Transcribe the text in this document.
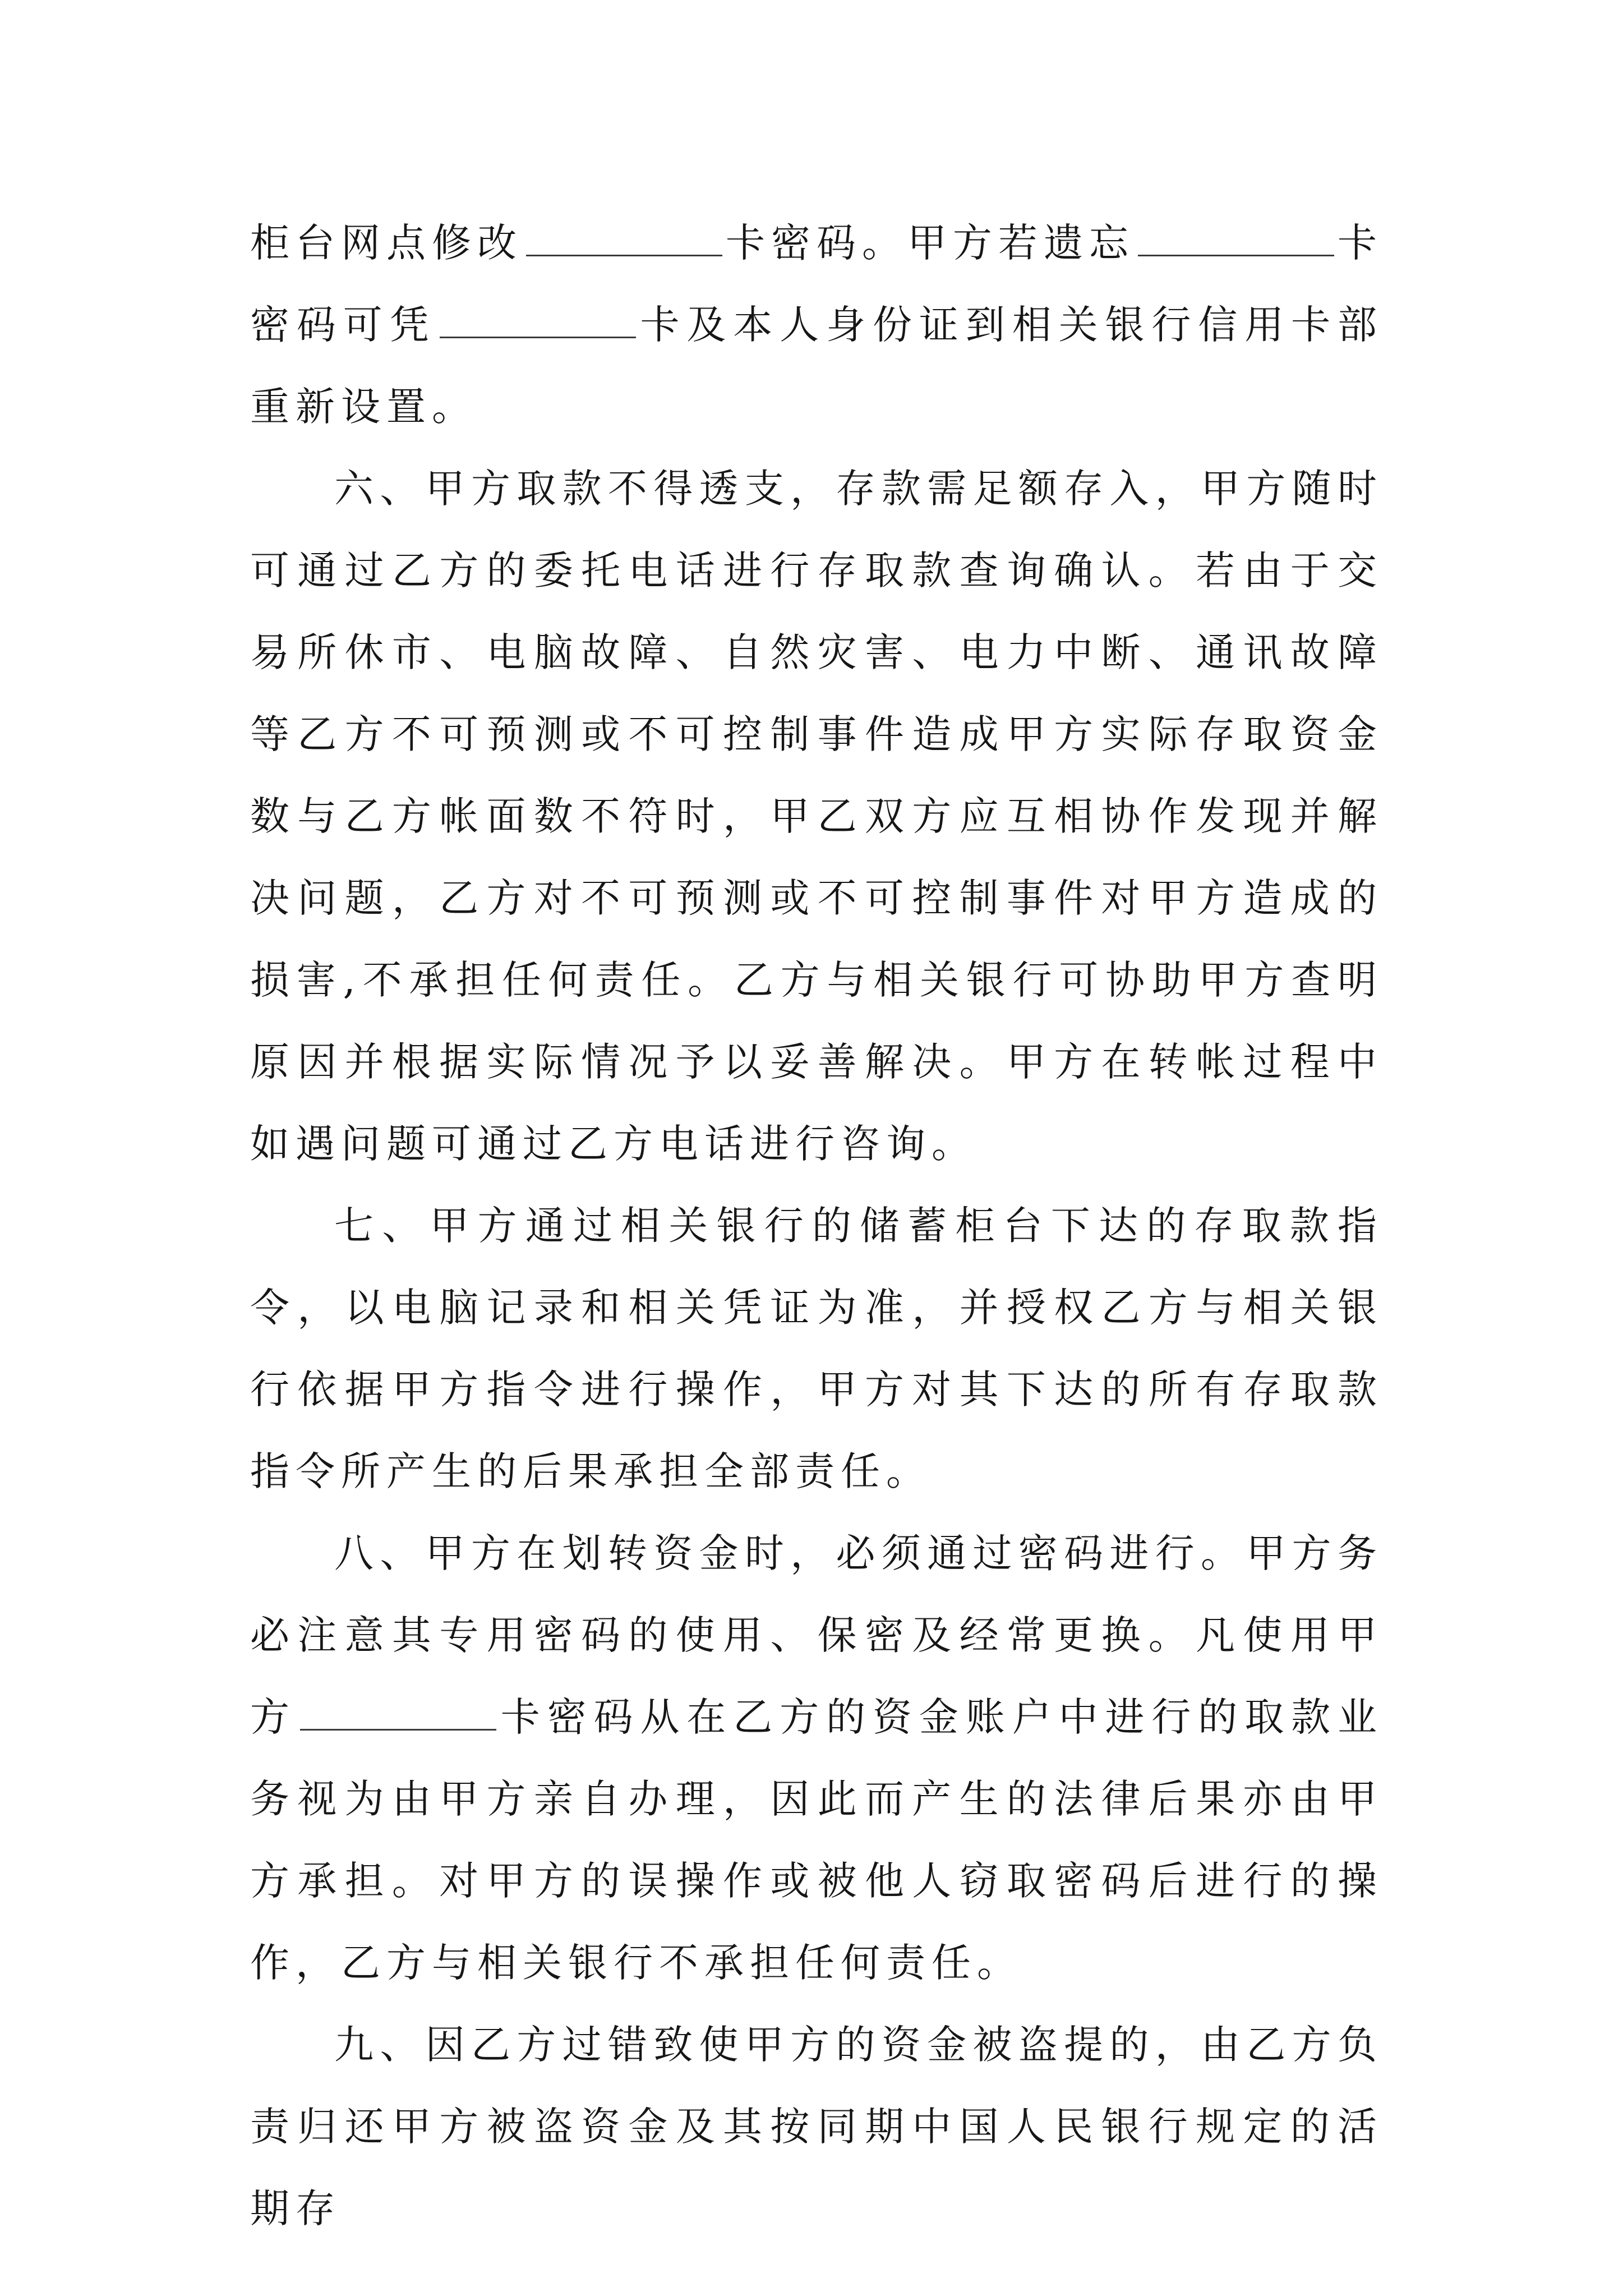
柜台网点修改	卡密码。甲方若遗忘	卡密码可凭	卡及本人身份证到相关银行信用卡部重新设置。

六、甲方取款不得透支，存款需足额存入，甲方随时可通过乙方的委托电话进行存取款查询确认。若由于交易所休市、电脑故障、自然灾害、电力中断、通讯故障等乙方不可预测或不可控制事件造成甲方实际存取资金数与乙方帐面数不符时，甲乙双方应互相协作发现并解决问题，乙方对不可预测或不可控制事件对甲方造成的损害,不承担任何责任。乙方与相关银行可协助甲方查明原因并根据实际情况予以妥善解决。甲方在转帐过程中如遇问题可通过乙方电话进行咨询。

七、甲方通过相关银行的储蓄柜台下达的存取款指令，以电脑记录和相关凭证为准，并授权乙方与相关银行依据甲方指令进行操作，甲方对其下达的所有存取款指令所产生的后果承担全部责任。

八、甲方在划转资金时，必须通过密码进行。甲方务必注意其专用密码的使用、保密及经常更换。凡使用甲方	卡密码从在乙方的资金账户中进行的取款业务视为由甲方亲自办理，因此而产生的法律后果亦由甲方承担。对甲方的误操作或被他人窃取密码后进行的操作，乙方与相关银行不承担任何责任。

九、因乙方过错致使甲方的资金被盗提的，由乙方负责归还甲方被盗资金及其按同期中国人民银行规定的活期存
